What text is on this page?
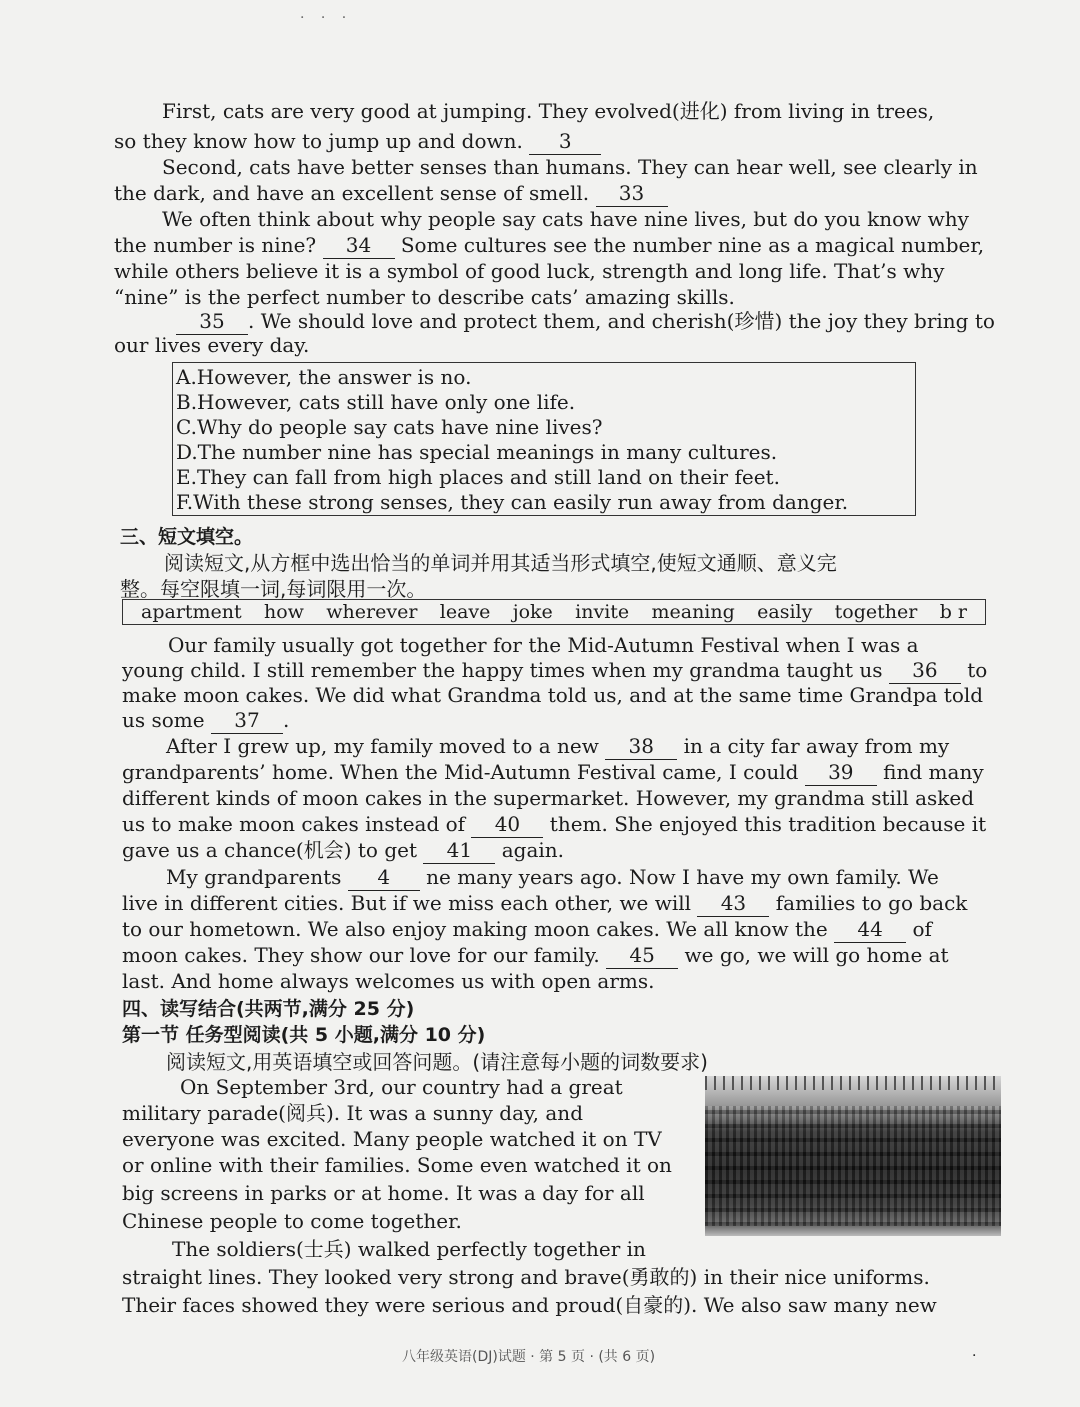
· · ·
First, cats are very good at jumping. They evolved(进化) from living in trees,
so they know how to jump up and down. 3
Second, cats have better senses than humans. They can hear well, see clearly in
the dark, and have an excellent sense of smell. 33
We often think about why people say cats have nine lives, but do you know why
the number is nine? 34 Some cultures see the number nine as a magical number,
while others believe it is a symbol of good luck, strength and long life. That’s why
“nine” is the perfect number to describe cats’ amazing skills.
35 . We should love and protect them, and cherish(珍惜) the joy they bring to
our lives every day.
A.However, the answer is no.
B.However, cats still have only one life.
C.Why do people say cats have nine lives?
D.The number nine has special meanings in many cultures.
E.They can fall from high places and still land on their feet.
F.With these strong senses, they can easily run away from danger.
三、短文填空。
阅读短文,从方框中选出恰当的单词并用其适当形式填空,使短文通顺、意义完
整。每空限填一词,每词限用一次。
apartment how wherever leave joke invite meaning easily together b r
Our family usually got together for the Mid-Autumn Festival when I was a
young child. I still remember the happy times when my grandma taught us 36 to
make moon cakes. We did what Grandma told us, and at the same time Grandpa told
us some 37 .
After I grew up, my family moved to a new 38 in a city far away from my
grandparents’ home. When the Mid-Autumn Festival came, I could 39 find many
different kinds of moon cakes in the supermarket. However, my grandma still asked
us to make moon cakes instead of 40 them. She enjoyed this tradition because it
gave us a chance(机会) to get 41 again.
My grandparents 4 ne many years ago. Now I have my own family. We
live in different cities. But if we miss each other, we will 43 families to go back
to our hometown. We also enjoy making moon cakes. We all know the 44 of
moon cakes. They show our love for our family. 45 we go, we will go home at
last. And home always welcomes us with open arms.
四、读写结合(共两节,满分 25 分)
第一节 任务型阅读(共 5 小题,满分 10 分)
阅读短文,用英语填空或回答问题。(请注意每小题的词数要求)
On September 3rd, our country had a great
military parade(阅兵). It was a sunny day, and
everyone was excited. Many people watched it on TV
or online with their families. Some even watched it on
big screens in parks or at home. It was a day for all
Chinese people to come together.
The soldiers(士兵) walked perfectly together in
straight lines. They looked very strong and brave(勇敢的) in their nice uniforms.
Their faces showed they were serious and proud(自豪的). We also saw many new
八年级英语(DJ)试题 · 第 5 页 · (共 6 页)	·
